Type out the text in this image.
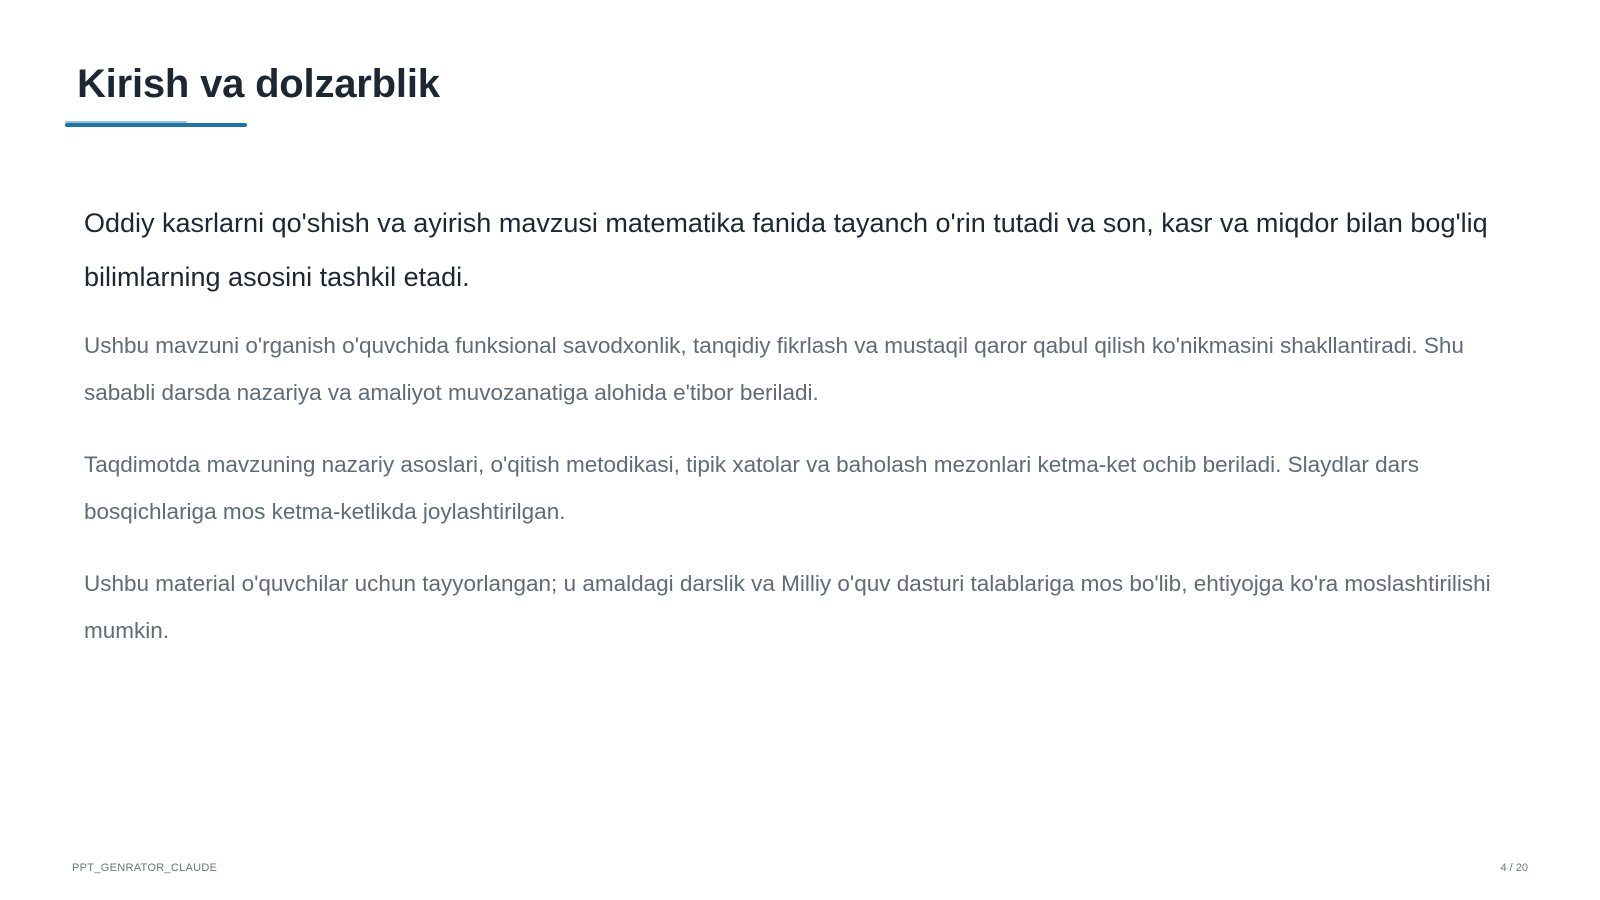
Kirish va dolzarblik

Oddiy kasrlarni qo'shish va ayirish mavzusi matematika fanida tayanch o'rin tutadi va son, kasr va miqdor bilan bog'liq bilimlarning asosini tashkil etadi.

Ushbu mavzuni o'rganish o'quvchida funksional savodxonlik, tanqidiy fikrlash va mustaqil qaror qabul qilish ko'nikmasini shakllantiradi. Shu sababli darsda nazariya va amaliyot muvozanatiga alohida e'tibor beriladi.

Taqdimotda mavzuning nazariy asoslari, o'qitish metodikasi, tipik xatolar va baholash mezonlari ketma-ket ochib beriladi. Slaydlar dars bosqichlariga mos ketma-ketlikda joylashtirilgan.

Ushbu material o'quvchilar uchun tayyorlangan; u amaldagi darslik va Milliy o'quv dasturi talablariga mos bo'lib, ehtiyojga ko'ra moslashtirilishi mumkin.

PPT_GENRATOR_CLAUDE	4 / 20
